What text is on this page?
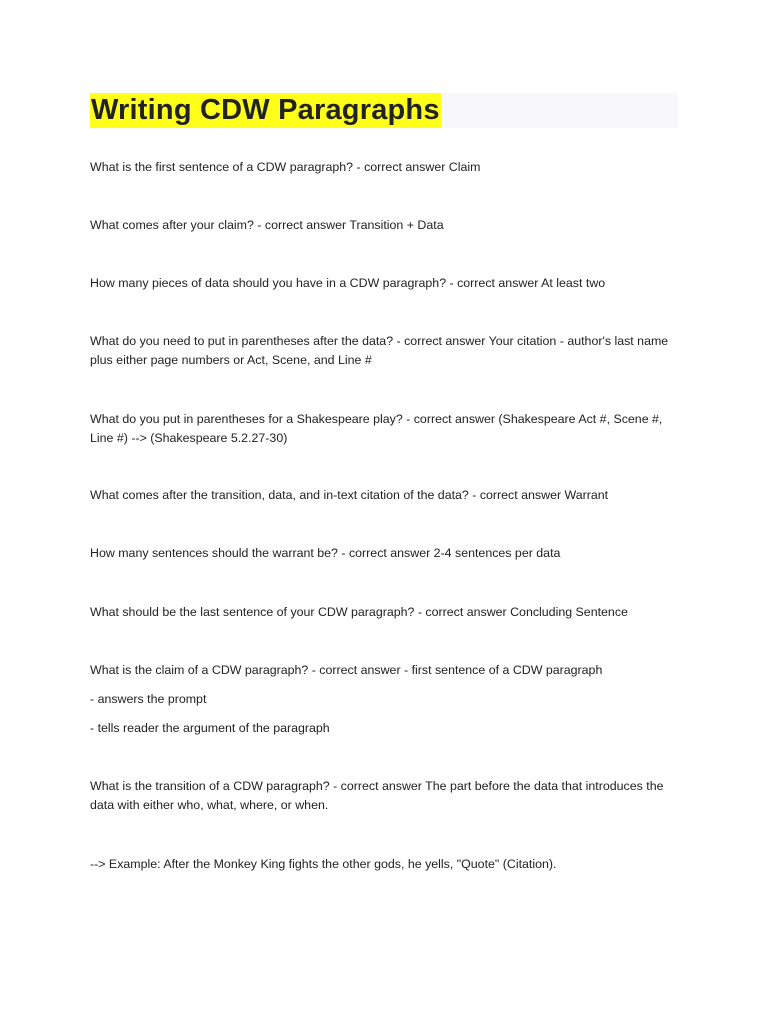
Writing CDW Paragraphs

What is the first sentence of a CDW paragraph? - correct answer Claim

What comes after your claim? - correct answer Transition + Data

How many pieces of data should you have in a CDW paragraph? - correct answer At least two

What do you need to put in parentheses after the data? - correct answer Your citation - author's last name plus either page numbers or Act, Scene, and Line #

What do you put in parentheses for a Shakespeare play? - correct answer (Shakespeare Act #, Scene #, Line #) --> (Shakespeare 5.2.27-30)

What comes after the transition, data, and in-text citation of the data? - correct answer Warrant

How many sentences should the warrant be? - correct answer 2-4 sentences per data

What should be the last sentence of your CDW paragraph? - correct answer Concluding Sentence

What is the claim of a CDW paragraph? - correct answer - first sentence of a CDW paragraph

- answers the prompt

- tells reader the argument of the paragraph

What is the transition of a CDW paragraph? - correct answer The part before the data that introduces the data with either who, what, where, or when.

--> Example: After the Monkey King fights the other gods, he yells, "Quote" (Citation).
